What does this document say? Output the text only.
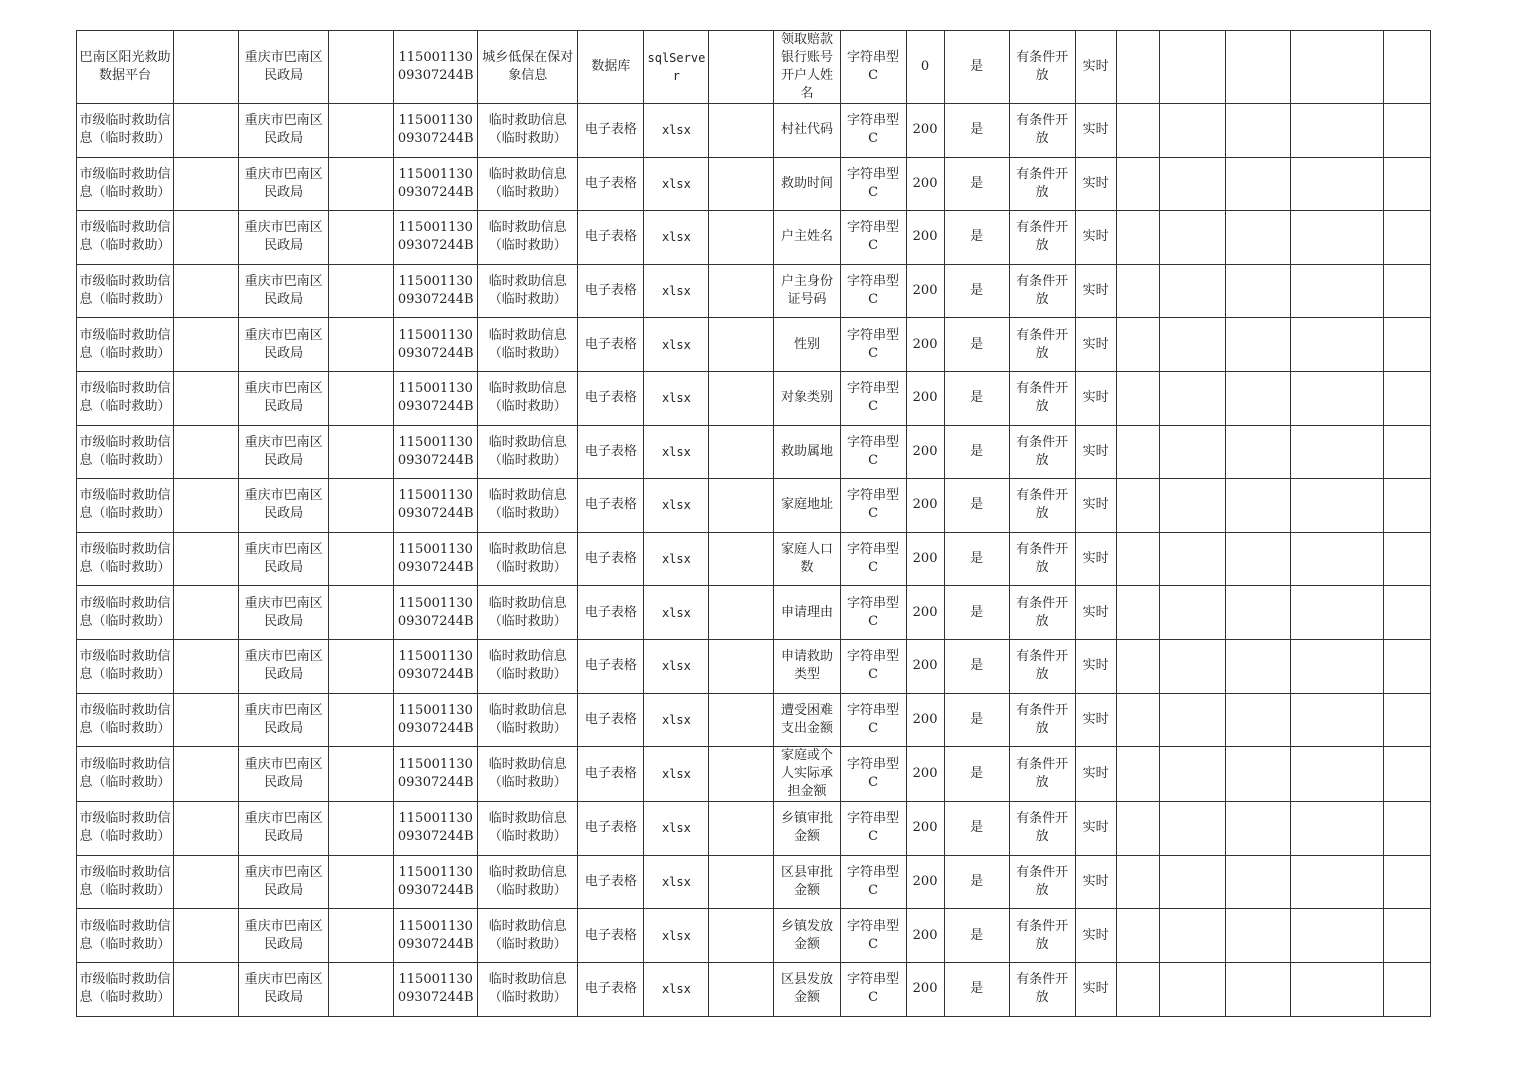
巴南区阳光救助数据平台		重庆市巴南区民政局		115001130 09307244B	城乡低保在保对象信息	数据库	sqlServer		领取赔款银行账号开户人姓名	字符串型C	0	是	有条件开放	实时					
市级临时救助信息（临时救助）		重庆市巴南区民政局		115001130 09307244B	临时救助信息（临时救助）	电子表格	xlsx		村社代码	字符串型C	200	是	有条件开放	实时					
市级临时救助信息（临时救助）		重庆市巴南区民政局		115001130 09307244B	临时救助信息（临时救助）	电子表格	xlsx		救助时间	字符串型C	200	是	有条件开放	实时					
市级临时救助信息（临时救助）		重庆市巴南区民政局		115001130 09307244B	临时救助信息（临时救助）	电子表格	xlsx		户主姓名	字符串型C	200	是	有条件开放	实时					
市级临时救助信息（临时救助）		重庆市巴南区民政局		115001130 09307244B	临时救助信息（临时救助）	电子表格	xlsx		户主身份证号码	字符串型C	200	是	有条件开放	实时					
市级临时救助信息（临时救助）		重庆市巴南区民政局		115001130 09307244B	临时救助信息（临时救助）	电子表格	xlsx		性别	字符串型C	200	是	有条件开放	实时					
市级临时救助信息（临时救助）		重庆市巴南区民政局		115001130 09307244B	临时救助信息（临时救助）	电子表格	xlsx		对象类别	字符串型C	200	是	有条件开放	实时					
市级临时救助信息（临时救助）		重庆市巴南区民政局		115001130 09307244B	临时救助信息（临时救助）	电子表格	xlsx		救助属地	字符串型C	200	是	有条件开放	实时					
市级临时救助信息（临时救助）		重庆市巴南区民政局		115001130 09307244B	临时救助信息（临时救助）	电子表格	xlsx		家庭地址	字符串型C	200	是	有条件开放	实时					
市级临时救助信息（临时救助）		重庆市巴南区民政局		115001130 09307244B	临时救助信息（临时救助）	电子表格	xlsx		家庭人口数	字符串型C	200	是	有条件开放	实时					
市级临时救助信息（临时救助）		重庆市巴南区民政局		115001130 09307244B	临时救助信息（临时救助）	电子表格	xlsx		申请理由	字符串型C	200	是	有条件开放	实时					
市级临时救助信息（临时救助）		重庆市巴南区民政局		115001130 09307244B	临时救助信息（临时救助）	电子表格	xlsx		申请救助类型	字符串型C	200	是	有条件开放	实时					
市级临时救助信息（临时救助）		重庆市巴南区民政局		115001130 09307244B	临时救助信息（临时救助）	电子表格	xlsx		遭受困难支出金额	字符串型C	200	是	有条件开放	实时					
市级临时救助信息（临时救助）		重庆市巴南区民政局		115001130 09307244B	临时救助信息（临时救助）	电子表格	xlsx		家庭或个人实际承担金额	字符串型C	200	是	有条件开放	实时					
市级临时救助信息（临时救助）		重庆市巴南区民政局		115001130 09307244B	临时救助信息（临时救助）	电子表格	xlsx		乡镇审批金额	字符串型C	200	是	有条件开放	实时					
市级临时救助信息（临时救助）		重庆市巴南区民政局		115001130 09307244B	临时救助信息（临时救助）	电子表格	xlsx		区县审批金额	字符串型C	200	是	有条件开放	实时					
市级临时救助信息（临时救助）		重庆市巴南区民政局		115001130 09307244B	临时救助信息（临时救助）	电子表格	xlsx		乡镇发放金额	字符串型C	200	是	有条件开放	实时					
市级临时救助信息（临时救助）		重庆市巴南区民政局		115001130 09307244B	临时救助信息（临时救助）	电子表格	xlsx		区县发放金额	字符串型C	200	是	有条件开放	实时					
